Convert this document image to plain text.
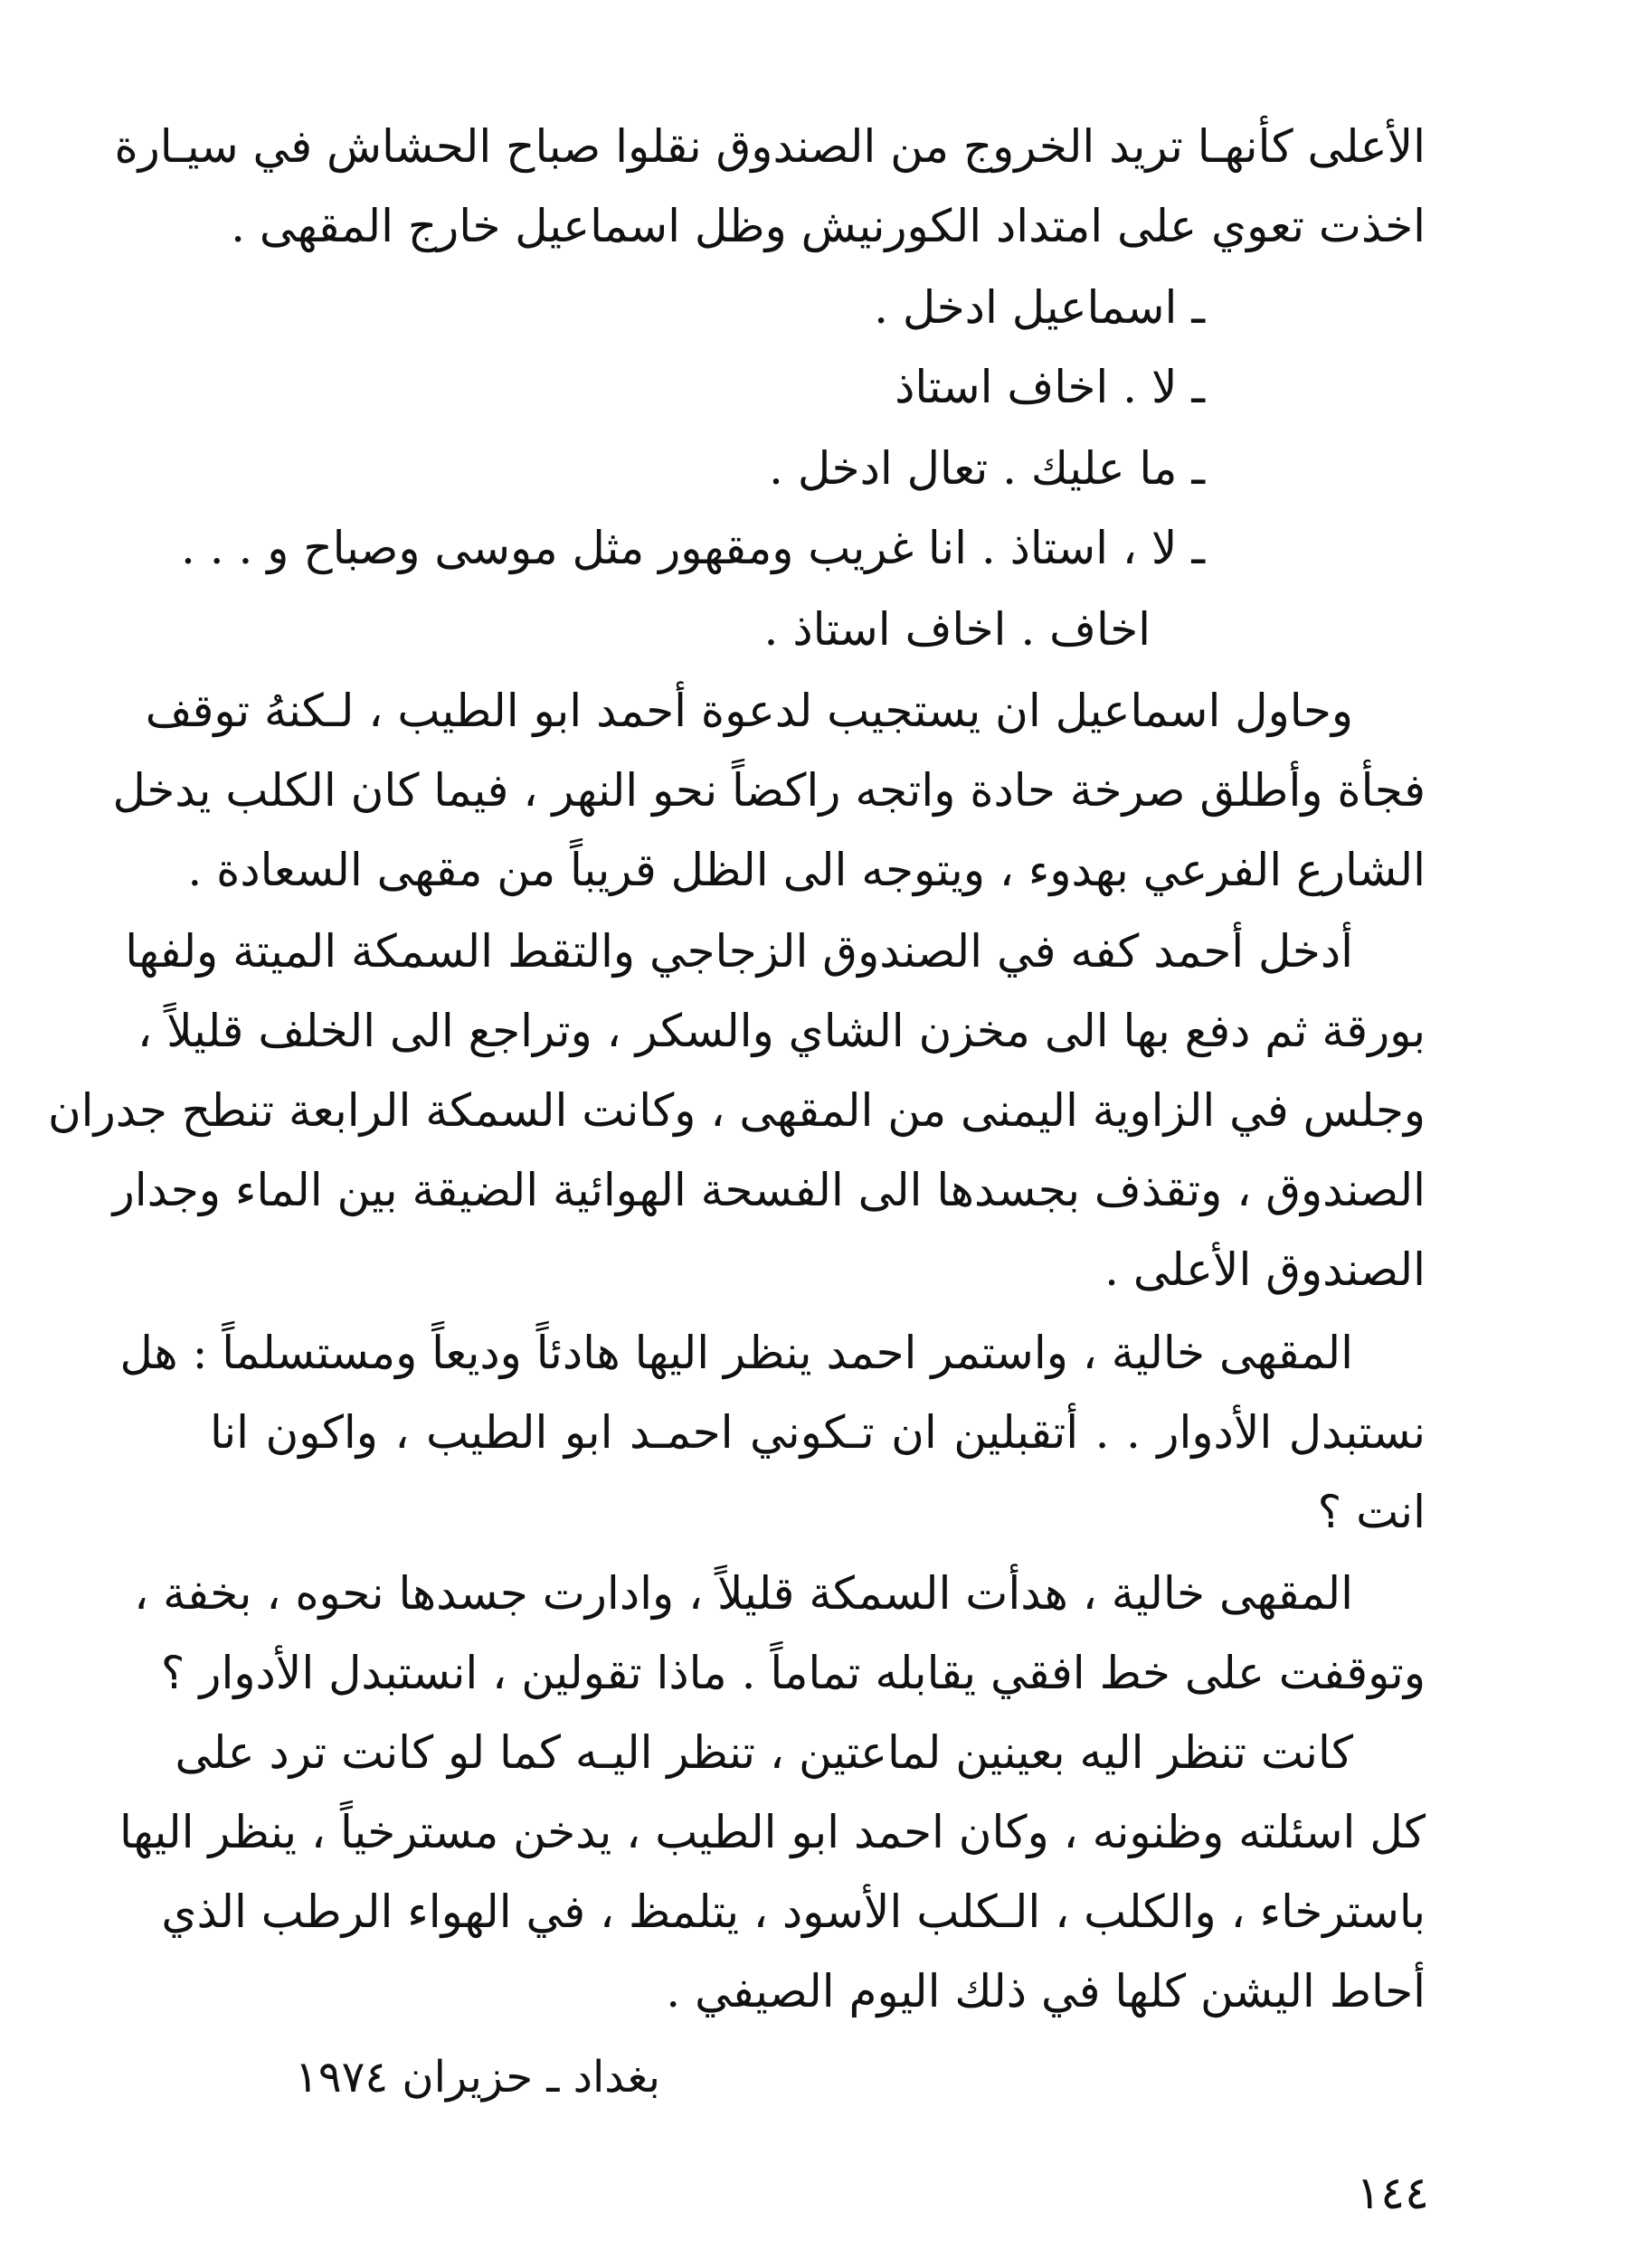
الأعلى كأنهـا تريد الخروج من الصندوق نقلوا صباح الحشاش في سيـارة
اخذت تعوي على امتداد الكورنيش وظل اسماعيل خارج المقهى .
ـ اسماعيل ادخل .
ـ لا . اخاف استاذ
ـ ما عليك . تعال ادخل .
ـ لا ، استاذ . انا غريب ومقهور مثل موسى وصباح و . . .
اخاف . اخاف استاذ .
وحاول اسماعيل ان يستجيب لدعوة أحمد ابو الطيب ، لـكنهُ توقف
فجأة وأطلق صرخة حادة واتجه راكضاً نحو النهر ، فيما كان الكلب يدخل
الشارع الفرعي بهدوء ، ويتوجه الى الظل قريباً من مقهى السعادة .
أدخل أحمد كفه في الصندوق الزجاجي والتقط السمكة الميتة ولفها
بورقة ثم دفع بها الى مخزن الشاي والسكر ، وتراجع الى الخلف قليلاً ،
وجلس في الزاوية اليمنى من المقهى ، وكانت السمكة الرابعة تنطح جدران
الصندوق ، وتقذف بجسدها الى الفسحة الهوائية الضيقة بين الماء وجدار
الصندوق الأعلى .
المقهى خالية ، واستمر احمد ينظر اليها هادئاً وديعاً ومستسلماً : هل
نستبدل الأدوار . . أتقبلين ان تـكوني احمـد ابو الطيب ، واكون انا
انت ؟
المقهى خالية ، هدأت السمكة قليلاً ، وادارت جسدها نحوه ، بخفة ،
وتوقفت على خط افقي يقابله تماماً . ماذا تقولين ، انستبدل الأدوار ؟
كانت تنظر اليه بعينين لماعتين ، تنظر اليـه كما لو كانت ترد على
كل اسئلته وظنونه ، وكان احمد ابو الطيب ، يدخن مسترخياً ، ينظر اليها
باسترخاء ، والكلب ، الـكلب الأسود ، يتلمظ ، في الهواء الرطب الذي
أحاط اليشن كلها في ذلك اليوم الصيفي .
بغداد ـ حزيران ١٩٧٤
١٤٤
